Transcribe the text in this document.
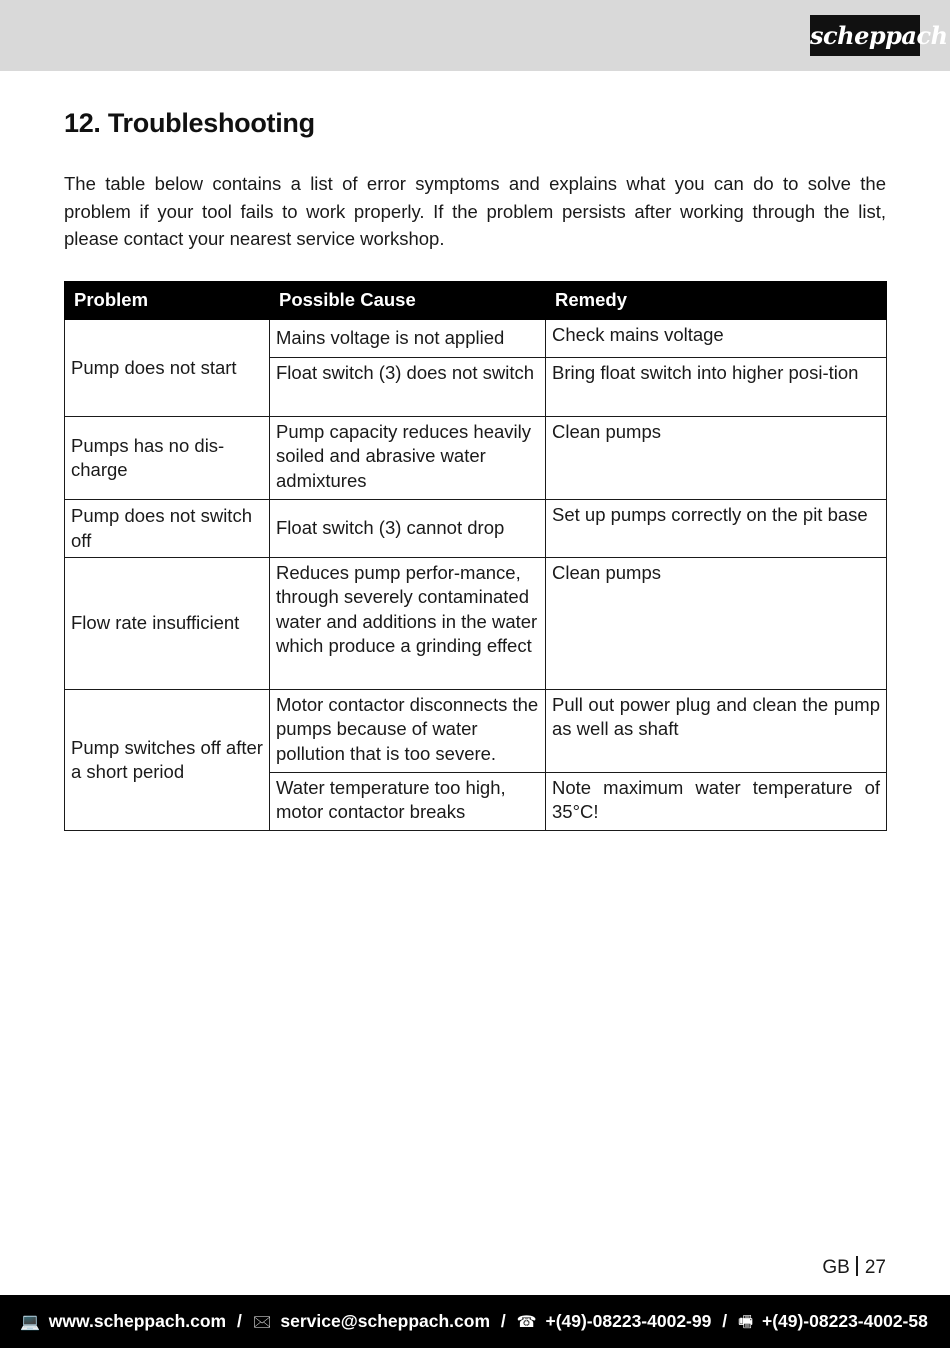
scheppach
12. Troubleshooting

The table below contains a list of error symptoms and explains what you can do to solve the problem if your tool fails to work properly. If the problem persists after working through the list, please contact your nearest service workshop.

Problem	Possible Cause	Remedy
Pump does not start	Mains voltage is not applied	Check mains voltage
	Float switch (3) does not switch	Bring float switch into higher posi-tion
Pumps has no dis-charge	Pump capacity reduces heavily soiled and abrasive water admixtures	Clean pumps
Pump does not switch off	Float switch (3) cannot drop	Set up pumps correctly on the pit base
Flow rate insufficient	Reduces pump perfor-mance, through severely contaminated water and additions in the water which produce a grinding effect	Clean pumps
Pump switches off after a short period	Motor contactor disconnects the pumps because of water pollution that is too severe.	Pull out power plug and clean the pump as well as shaft
	Water temperature too high, motor contactor breaks	Note maximum water temperature of 35°C!
GB 27
💻 www.scheppach.com / 🖂 service@scheppach.com / ☎ +(49)-08223-4002-99 / 🖷 +(49)-08223-4002-58
